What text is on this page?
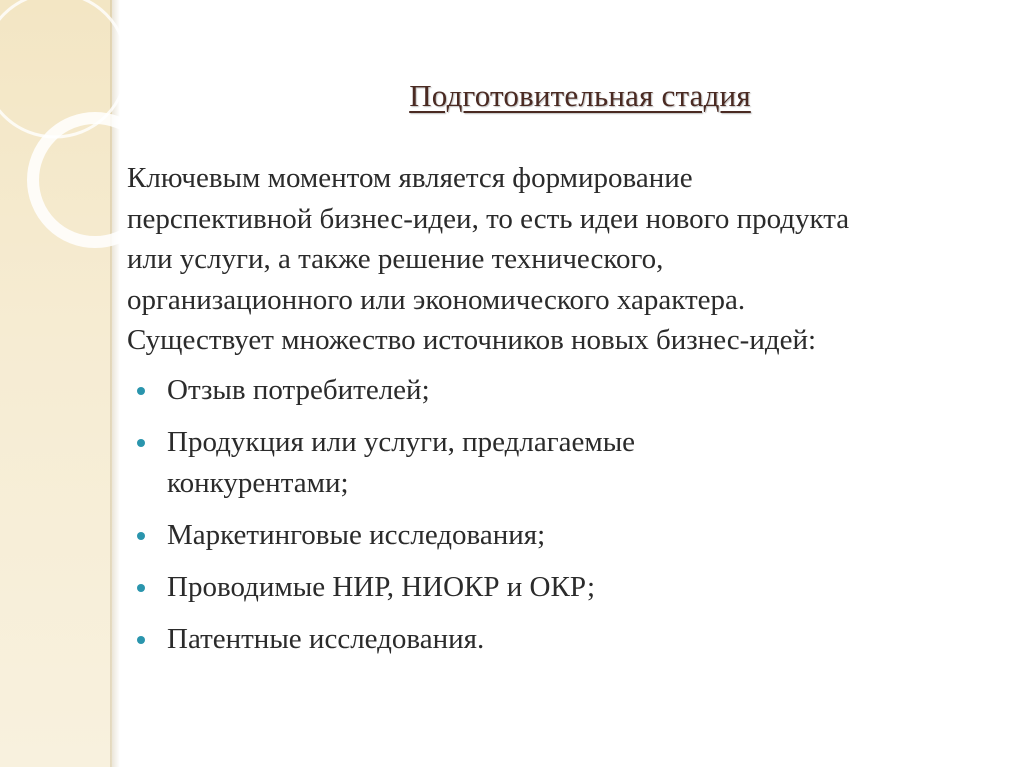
Подготовительная стадия

Ключевым моментом является формирование
перспективной бизнес-идеи, то есть идеи нового продукта
или услуги, а также решение технического,
организационного или экономического характера.
Существует множество источников новых бизнес-идей:

Отзыв потребителей;
Продукция или услуги, предлагаемые конкурентами;
Маркетинговые исследования;
Проводимые НИР, НИОКР и ОКР;
Патентные исследования.
